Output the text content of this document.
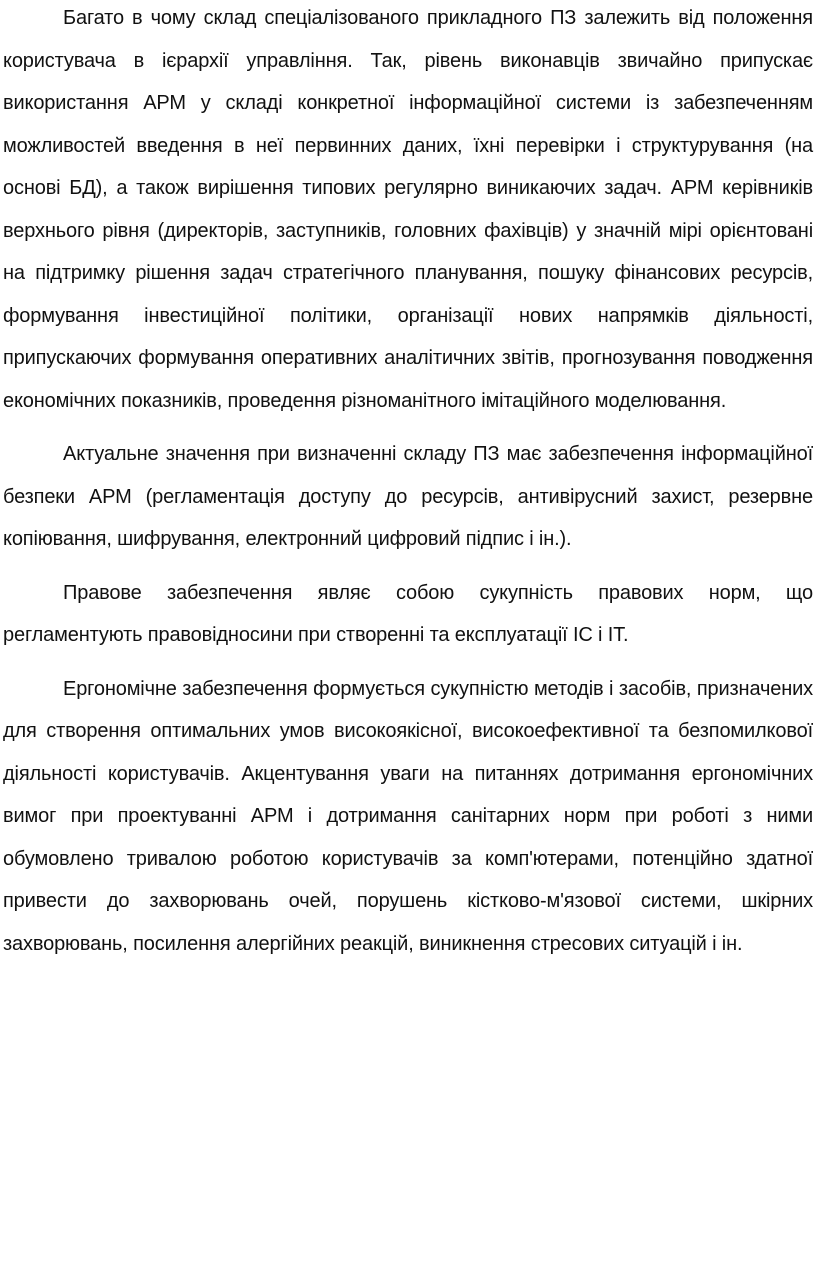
Багато в чому склад спеціалізованого прикладного ПЗ залежить від положення користувача в ієрархії управління. Так, рівень виконавців звичайно припускає використання АРМ у складі конкретної інформаційної системи із забезпеченням можливостей введення в неї первинних даних, їхні перевірки і структурування (на основі БД), а також вирішення типових регулярно виникаючих задач. АРМ керівників верхнього рівня (директорів, заступників, головних фахівців) у значній мірі орієнтовані на підтримку рішення задач стратегічного планування, пошуку фінансових ресурсів, формування інвестиційної політики, організації нових напрямків діяльності, припускаючих формування оперативних аналітичних звітів, прогнозування поводження економічних показників, проведення різноманітного імітаційного моделювання.

Актуальне значення при визначенні складу ПЗ має забезпечення інформаційної безпеки АРМ (регламентація доступу до ресурсів, антивірусний захист, резервне копіювання, шифрування, електронний цифровий підпис і ін.).

Правове забезпечення являє собою сукупність правових норм, що регламентують правовідносини при створенні та експлуатації ІС і ІТ.

Ергономічне забезпечення формується сукупністю методів і засобів, призначених для створення оптимальних умов високоякісної, високоефективної та безпомилкової діяльності користувачів. Акцентування уваги на питаннях дотримання ергономічних вимог при проектуванні АРМ і дотримання санітарних норм при роботі з ними обумовлено тривалою роботою користувачів за комп'ютерами, потенційно здатної привести до захворювань очей, порушень кістково-м'язової системи, шкірних захворювань, посилення алергійних реакцій, виникнення стресових ситуацій і ін.
